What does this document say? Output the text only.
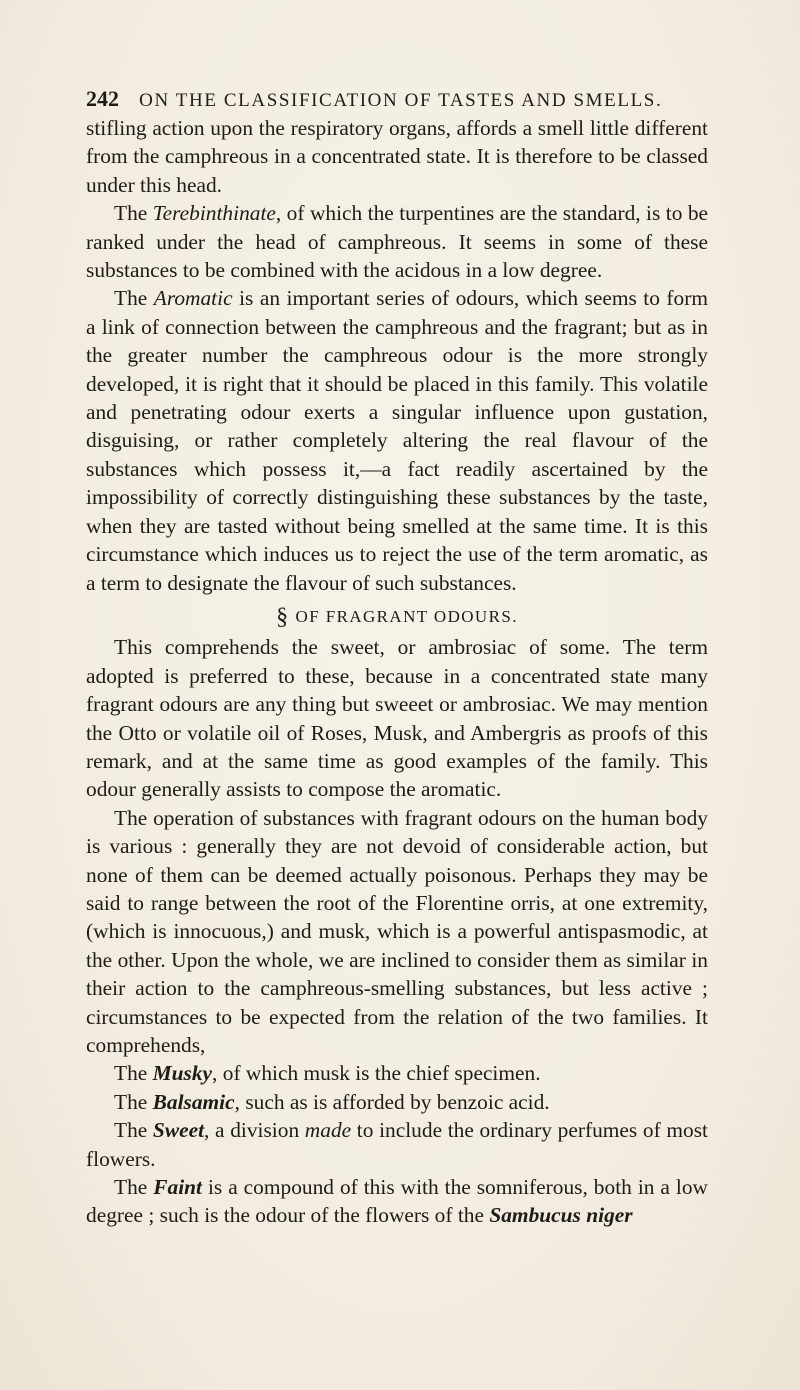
242 ON THE CLASSIFICATION OF TASTES AND SMELLS.

stifling action upon the respiratory organs, affords a smell little different from the camphreous in a concentrated state. It is therefore to be classed under this head.

The Terebinthinate, of which the turpentines are the standard, is to be ranked under the head of camphreous. It seems in some of these substances to be combined with the acidous in a low degree.

The Aromatic is an important series of odours, which seems to form a link of connection between the camphreous and the fragrant; but as in the greater number the camphreous odour is the more strongly developed, it is right that it should be placed in this family. This volatile and penetrating odour exerts a singular influence upon gustation, disguising, or rather completely altering the real flavour of the substances which possess it,—a fact readily ascertained by the impossibility of correctly distinguishing these substances by the taste, when they are tasted without being smelled at the same time. It is this circumstance which induces us to reject the use of the term aromatic, as a term to designate the flavour of such substances.

§ OF FRAGRANT ODOURS.

This comprehends the sweet, or ambrosiac of some. The term adopted is preferred to these, because in a concentrated state many fragrant odours are any thing but sweeet or ambrosiac. We may mention the Otto or volatile oil of Roses, Musk, and Ambergris as proofs of this remark, and at the same time as good examples of the family. This odour generally assists to compose the aromatic.

The operation of substances with fragrant odours on the human body is various : generally they are not devoid of considerable action, but none of them can be deemed actually poisonous. Perhaps they may be said to range between the root of the Florentine orris, at one extremity, (which is innocuous,) and musk, which is a powerful antispasmodic, at the other. Upon the whole, we are inclined to consider them as similar in their action to the camphreous-smelling substances, but less active ; circumstances to be expected from the relation of the two families. It comprehends,

The Musky, of which musk is the chief specimen.

The Balsamic, such as is afforded by benzoic acid.

The Sweet, a division made to include the ordinary perfumes of most flowers.

The Faint is a compound of this with the somniferous, both in a low degree ; such is the odour of the flowers of the Sambucus niger
